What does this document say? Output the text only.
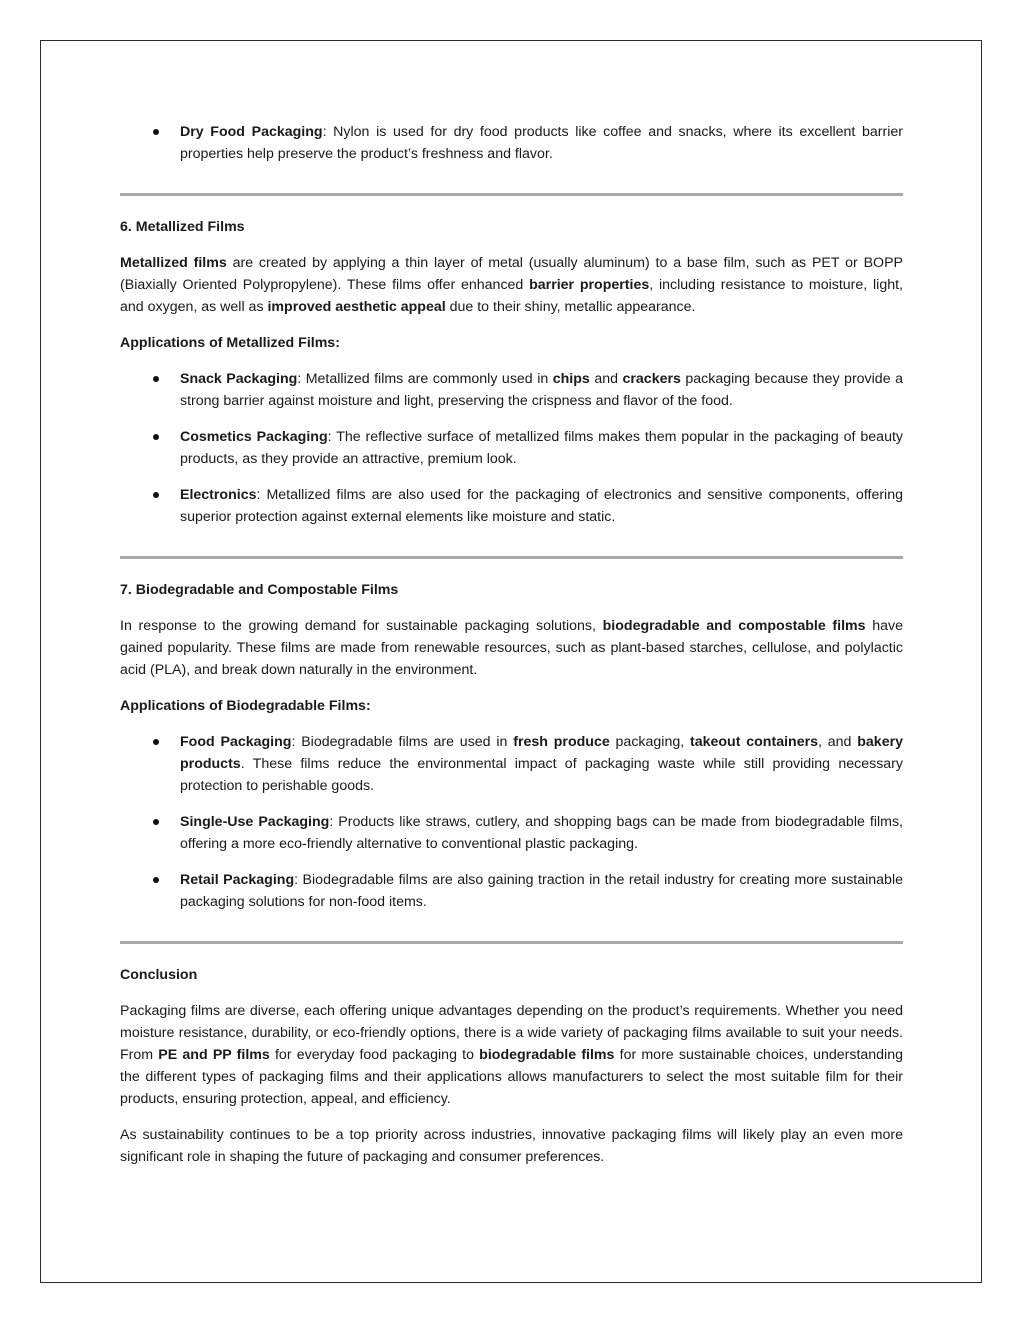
Dry Food Packaging: Nylon is used for dry food products like coffee and snacks, where its excellent barrier properties help preserve the product’s freshness and flavor.

6. Metallized Films

Metallized films are created by applying a thin layer of metal (usually aluminum) to a base film, such as PET or BOPP (Biaxially Oriented Polypropylene). These films offer enhanced barrier properties, including resistance to moisture, light, and oxygen, as well as improved aesthetic appeal due to their shiny, metallic appearance.

Applications of Metallized Films:

Snack Packaging: Metallized films are commonly used in chips and crackers packaging because they provide a strong barrier against moisture and light, preserving the crispness and flavor of the food.
Cosmetics Packaging: The reflective surface of metallized films makes them popular in the packaging of beauty products, as they provide an attractive, premium look.
Electronics: Metallized films are also used for the packaging of electronics and sensitive components, offering superior protection against external elements like moisture and static.

7. Biodegradable and Compostable Films

In response to the growing demand for sustainable packaging solutions, biodegradable and compostable films have gained popularity. These films are made from renewable resources, such as plant-based starches, cellulose, and polylactic acid (PLA), and break down naturally in the environment.

Applications of Biodegradable Films:

Food Packaging: Biodegradable films are used in fresh produce packaging, takeout containers, and bakery products. These films reduce the environmental impact of packaging waste while still providing necessary protection to perishable goods.
Single-Use Packaging: Products like straws, cutlery, and shopping bags can be made from biodegradable films, offering a more eco-friendly alternative to conventional plastic packaging.
Retail Packaging: Biodegradable films are also gaining traction in the retail industry for creating more sustainable packaging solutions for non-food items.

Conclusion

Packaging films are diverse, each offering unique advantages depending on the product’s requirements. Whether you need moisture resistance, durability, or eco-friendly options, there is a wide variety of packaging films available to suit your needs. From PE and PP films for everyday food packaging to biodegradable films for more sustainable choices, understanding the different types of packaging films and their applications allows manufacturers to select the most suitable film for their products, ensuring protection, appeal, and efficiency.

As sustainability continues to be a top priority across industries, innovative packaging films will likely play an even more significant role in shaping the future of packaging and consumer preferences.
